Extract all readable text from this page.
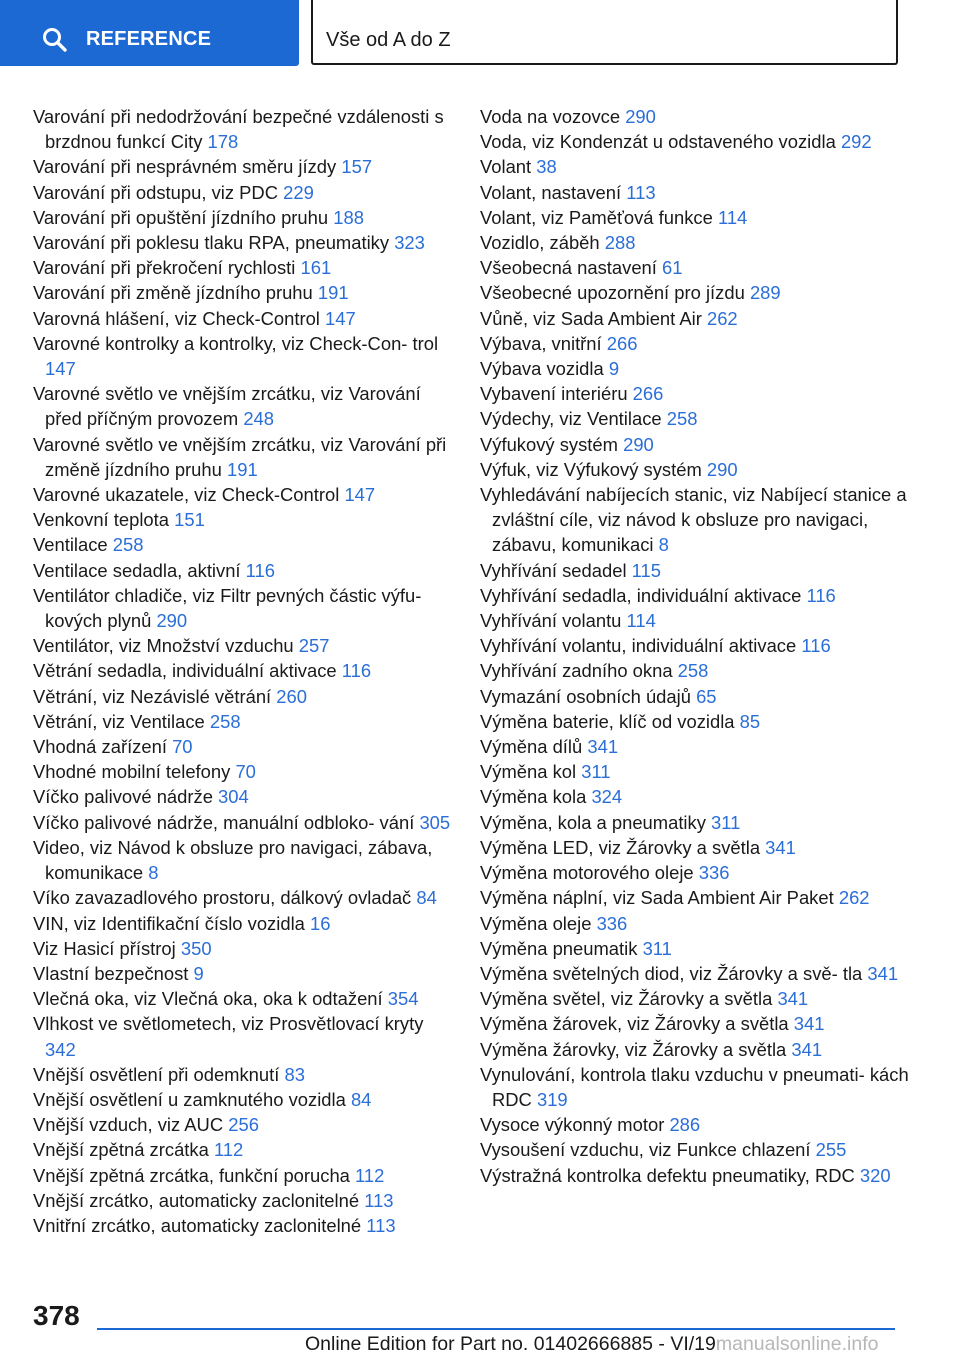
REFERENCE	Vše od A do Z

Varování při nedodržování bezpečné vzdálenosti s brzdnou funkcí City 178

Varování při nesprávném směru jízdy 157

Varování při odstupu, viz PDC 229

Varování při opuštění jízdního pruhu 188

Varování při poklesu tlaku RPA, pneumatiky 323

Varování při překročení rychlosti 161

Varování při změně jízdního pruhu 191

Varovná hlášení, viz Check-Control 147

Varovné kontrolky a kontrolky, viz Check-Con‐ trol 147

Varovné světlo ve vnějším zrcátku, viz Varování před příčným provozem 248

Varovné světlo ve vnějším zrcátku, viz Varování při změně jízdního pruhu 191

Varovné ukazatele, viz Check-Control 147

Venkovní teplota 151

Ventilace 258

Ventilace sedadla, aktivní 116

Ventilátor chladiče, viz Filtr pevných částic výfu‐ kových plynů 290

Ventilátor, viz Množství vzduchu 257

Větrání sedadla, individuální aktivace 116

Větrání, viz Nezávislé větrání 260

Větrání, viz Ventilace 258

Vhodná zařízení 70

Vhodné mobilní telefony 70

Víčko palivové nádrže 304

Víčko palivové nádrže, manuální odbloko‐ vání 305

Video, viz Návod k obsluze pro navigaci, zábava, komunikace 8

Víko zavazadlového prostoru, dálkový ovladač 84

VIN, viz Identifikační číslo vozidla 16

Viz Hasicí přístroj 350

Vlastní bezpečnost 9

Vlečná oka, viz Vlečná oka, oka k odtažení 354

Vlhkost ve světlometech, viz Prosvětlovací kryty 342

Vnější osvětlení při odemknutí 83

Vnější osvětlení u zamknutého vozidla 84

Vnější vzduch, viz AUC 256

Vnější zpětná zrcátka 112

Vnější zpětná zrcátka, funkční porucha 112

Vnější zrcátko, automaticky zaclonitelné 113

Vnitřní zrcátko, automaticky zaclonitelné 113

Voda na vozovce 290

Voda, viz Kondenzát u odstaveného vozidla 292

Volant 38

Volant, nastavení 113

Volant, viz Paměťová funkce 114

Vozidlo, záběh 288

Všeobecná nastavení 61

Všeobecné upozornění pro jízdu 289

Vůně, viz Sada Ambient Air 262

Výbava, vnitřní 266

Výbava vozidla 9

Vybavení interiéru 266

Výdechy, viz Ventilace 258

Výfukový systém 290

Výfuk, viz Výfukový systém 290

Vyhledávání nabíjecích stanic, viz Nabíjecí stanice a zvláštní cíle, viz návod k obsluze pro navigaci, zábavu, komunikaci 8

Vyhřívání sedadel 115

Vyhřívání sedadla, individuální aktivace 116

Vyhřívání volantu 114

Vyhřívání volantu, individuální aktivace 116

Vyhřívání zadního okna 258

Vymazání osobních údajů 65

Výměna baterie, klíč od vozidla 85

Výměna dílů 341

Výměna kol 311

Výměna kola 324

Výměna, kola a pneumatiky 311

Výměna LED, viz Žárovky a světla 341

Výměna motorového oleje 336

Výměna náplní, viz Sada Ambient Air Paket 262

Výměna oleje 336

Výměna pneumatik 311

Výměna světelných diod, viz Žárovky a svě‐ tla 341

Výměna světel, viz Žárovky a světla 341

Výměna žárovek, viz Žárovky a světla 341

Výměna žárovky, viz Žárovky a světla 341

Vynulování, kontrola tlaku vzduchu v pneumati‐ kách RDC 319

Vysoce výkonný motor 286

Vysoušení vzduchu, viz Funkce chlazení 255

Výstražná kontrolka defektu pneumatiky, RDC 320

378
Online Edition for Part no. 01402666885 - VI/19manualsonline.info
